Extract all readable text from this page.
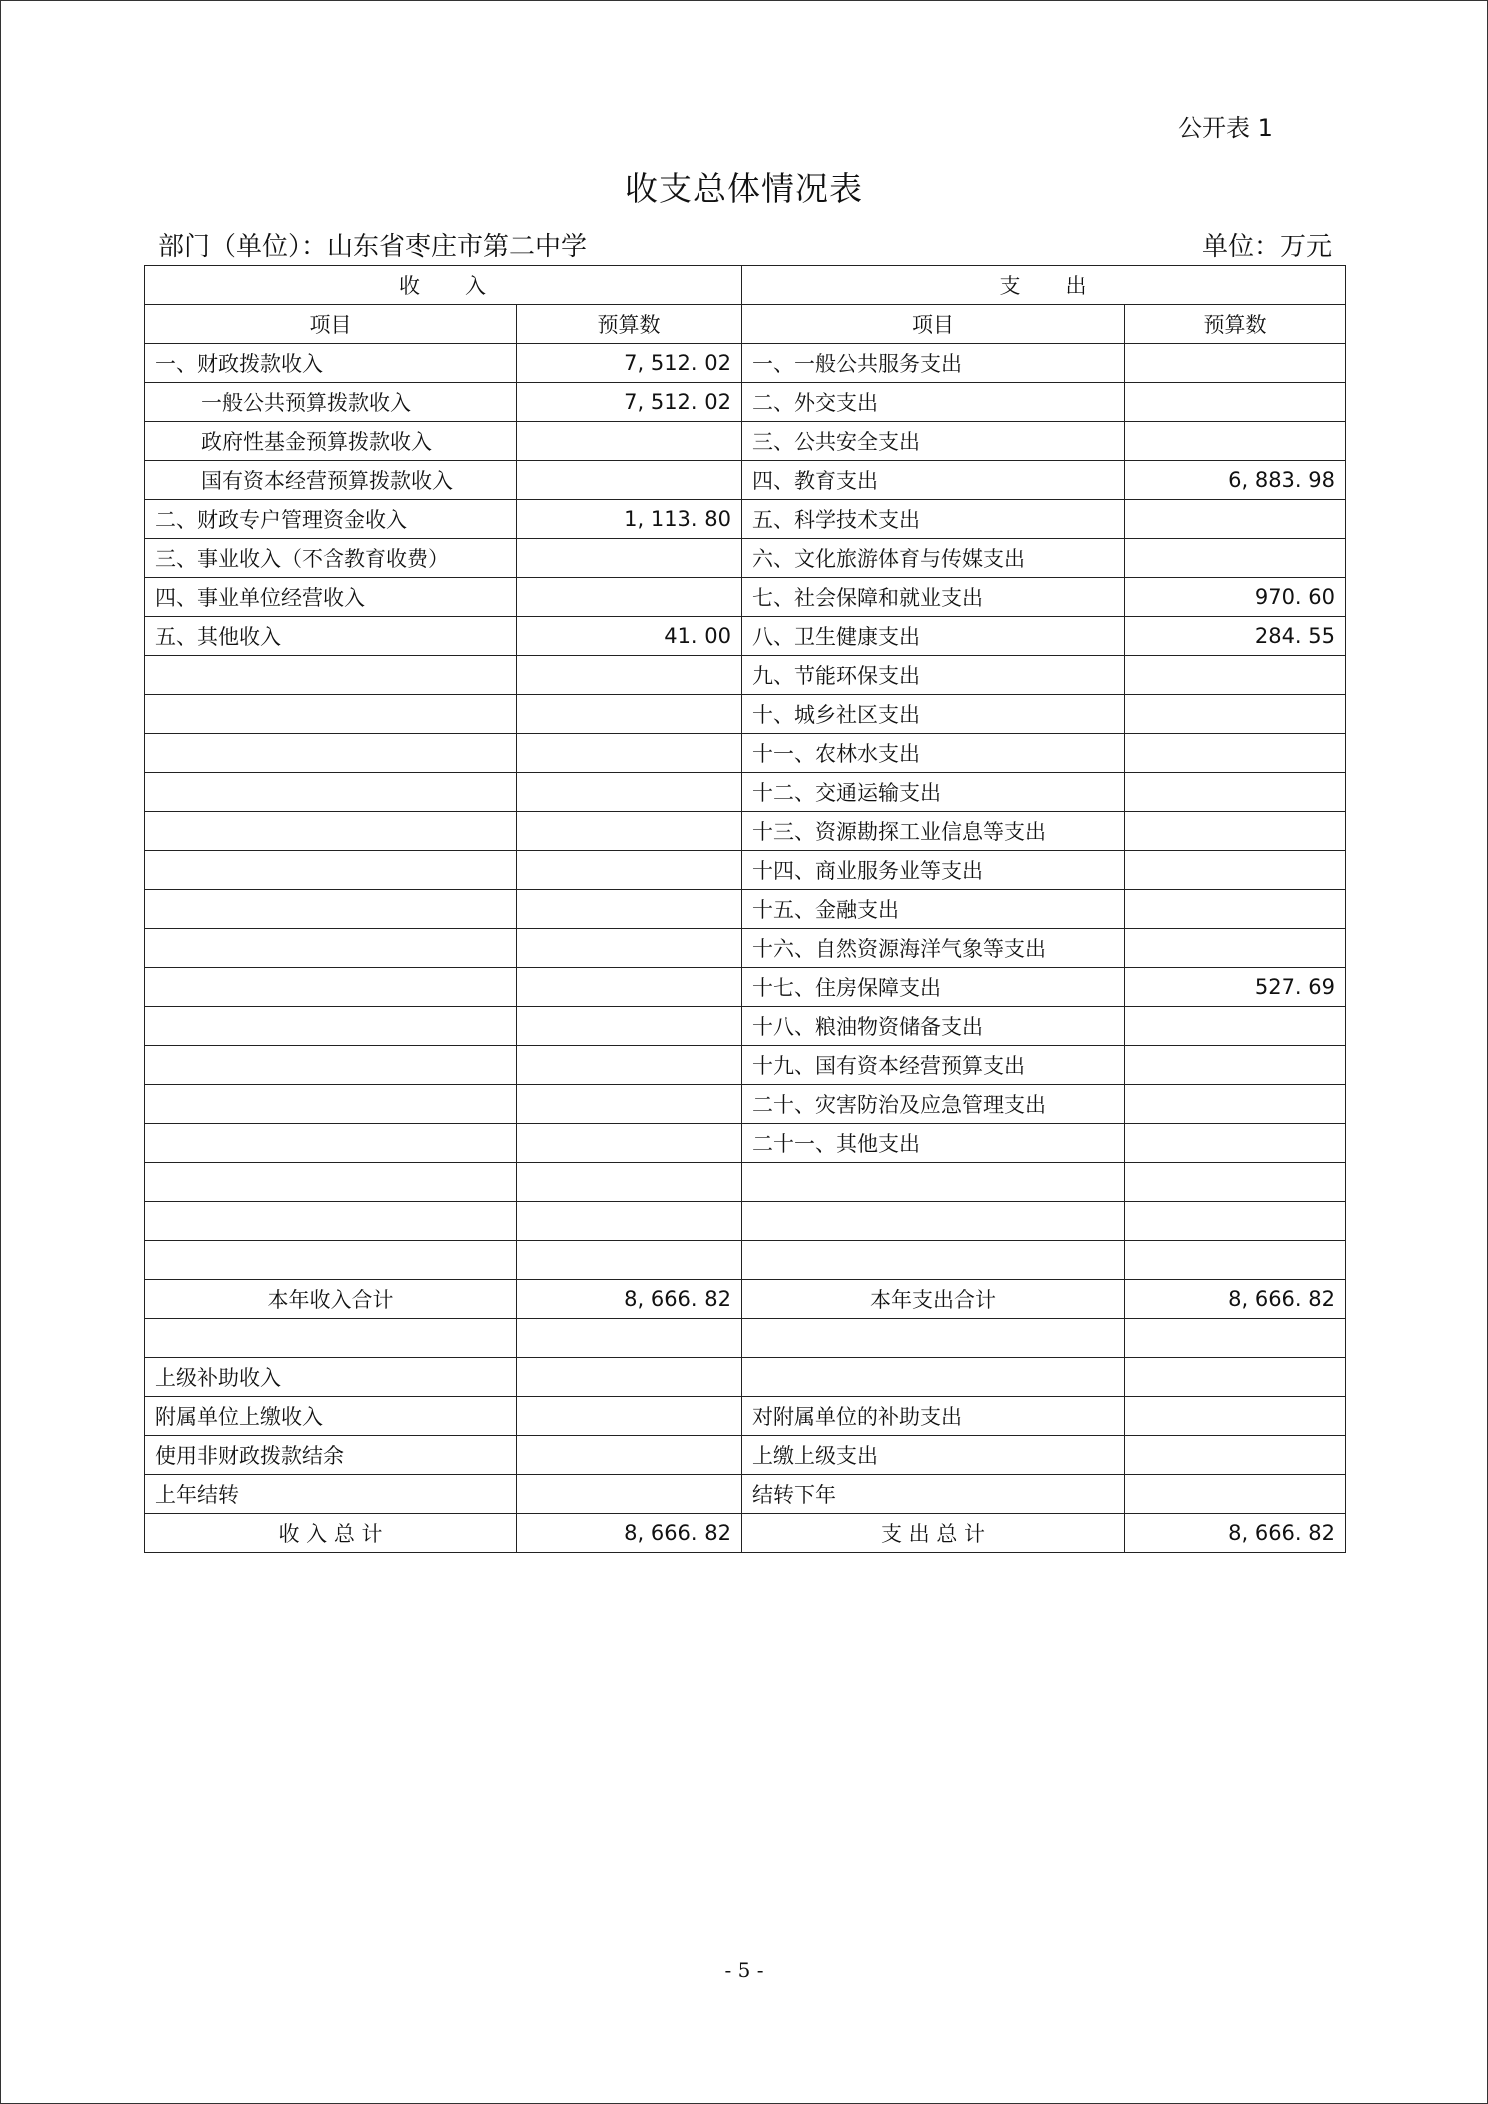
公开表 1
收支总体情况表
部门（单位）：山东省枣庄市第二中学	单位：万元
收　　入		支　　出	
项目	预算数	项目	预算数
一、财政拨款收入	7, 512. 02	一、一般公共服务支出	
一般公共预算拨款收入	7, 512. 02	二、外交支出	
政府性基金预算拨款收入		三、公共安全支出	
国有资本经营预算拨款收入		四、教育支出	6, 883. 98
二、财政专户管理资金收入	1, 113. 80	五、科学技术支出	
三、事业收入（不含教育收费）		六、文化旅游体育与传媒支出	
四、事业单位经营收入		七、社会保障和就业支出	970. 60
五、其他收入	41. 00	八、卫生健康支出	284. 55
		九、节能环保支出	
		十、城乡社区支出	
		十一、农林水支出	
		十二、交通运输支出	
		十三、资源勘探工业信息等支出	
		十四、商业服务业等支出	
		十五、金融支出	
		十六、自然资源海洋气象等支出	
		十七、住房保障支出	527. 69
		十八、粮油物资储备支出	
		十九、国有资本经营预算支出	
		二十、灾害防治及应急管理支出	
		二十一、其他支出	

本年收入合计	8, 666. 82	本年支出合计	8, 666. 82

上级补助收入			
附属单位上缴收入		对附属单位的补助支出	
使用非财政拨款结余		上缴上级支出	
上年结转		结转下年	
收 入 总 计	8, 666. 82	支 出 总 计	8, 666. 82
- 5 -
